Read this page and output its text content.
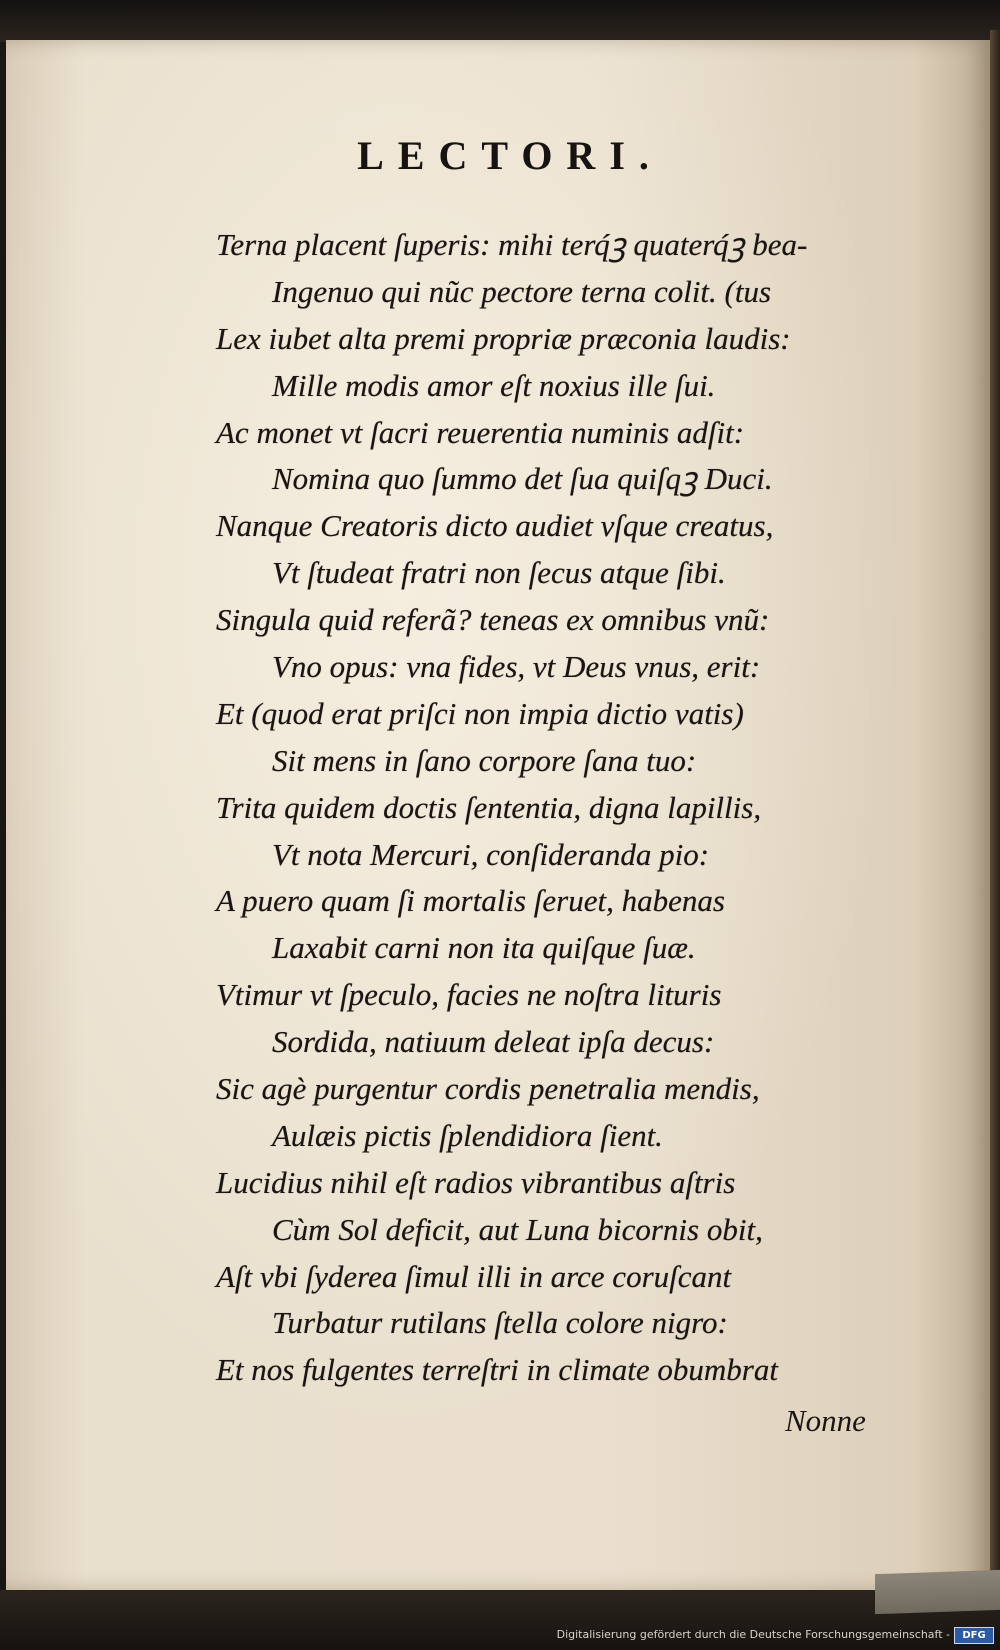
LECTORI.
Terna placent ſuperis: mihi terq́ꝫ quaterq́ꝫ bea-
Ingenuo qui nũc pectore terna colit. (tus
Lex iubet alta premi propriæ præconia laudis:
Mille modis amor eſt noxius ille ſui.
Ac monet vt ſacri reuerentia numinis adſit:
Nomina quo ſummo det ſua quiſqꝫ Duci.
Nanque Creatoris dicto audiet vſque creatus,
Vt ſtudeat fratri non ſecus atque ſibi.
Singula quid referã? teneas ex omnibus vnũ:
Vno opus: vna fides, vt Deus vnus, erit:
Et (quod erat priſci non impia dictio vatis)
Sit mens in ſano corpore ſana tuo:
Trita quidem doctis ſententia, digna lapillis,
Vt nota Mercuri, conſideranda pio:
A puero quam ſi mortalis ſeruet, habenas
Laxabit carni non ita quiſque ſuæ.
Vtimur vt ſpeculo, facies ne noſtra lituris
Sordida, natiuum deleat ipſa decus:
Sic agè purgentur cordis penetralia mendis,
Aulæis pictis ſplendidiora ſient.
Lucidius nihil eſt radios vibrantibus aſtris
Cùm Sol deficit, aut Luna bicornis obit,
Aſt vbi ſyderea ſimul illi in arce coruſcant
Turbatur rutilans ſtella colore nigro:
Et nos fulgentes terreſtri in climate obumbrat

Nonne

Digitalisierung gefördert durch die Deutsche Forschungsgemeinschaft -	DFG
